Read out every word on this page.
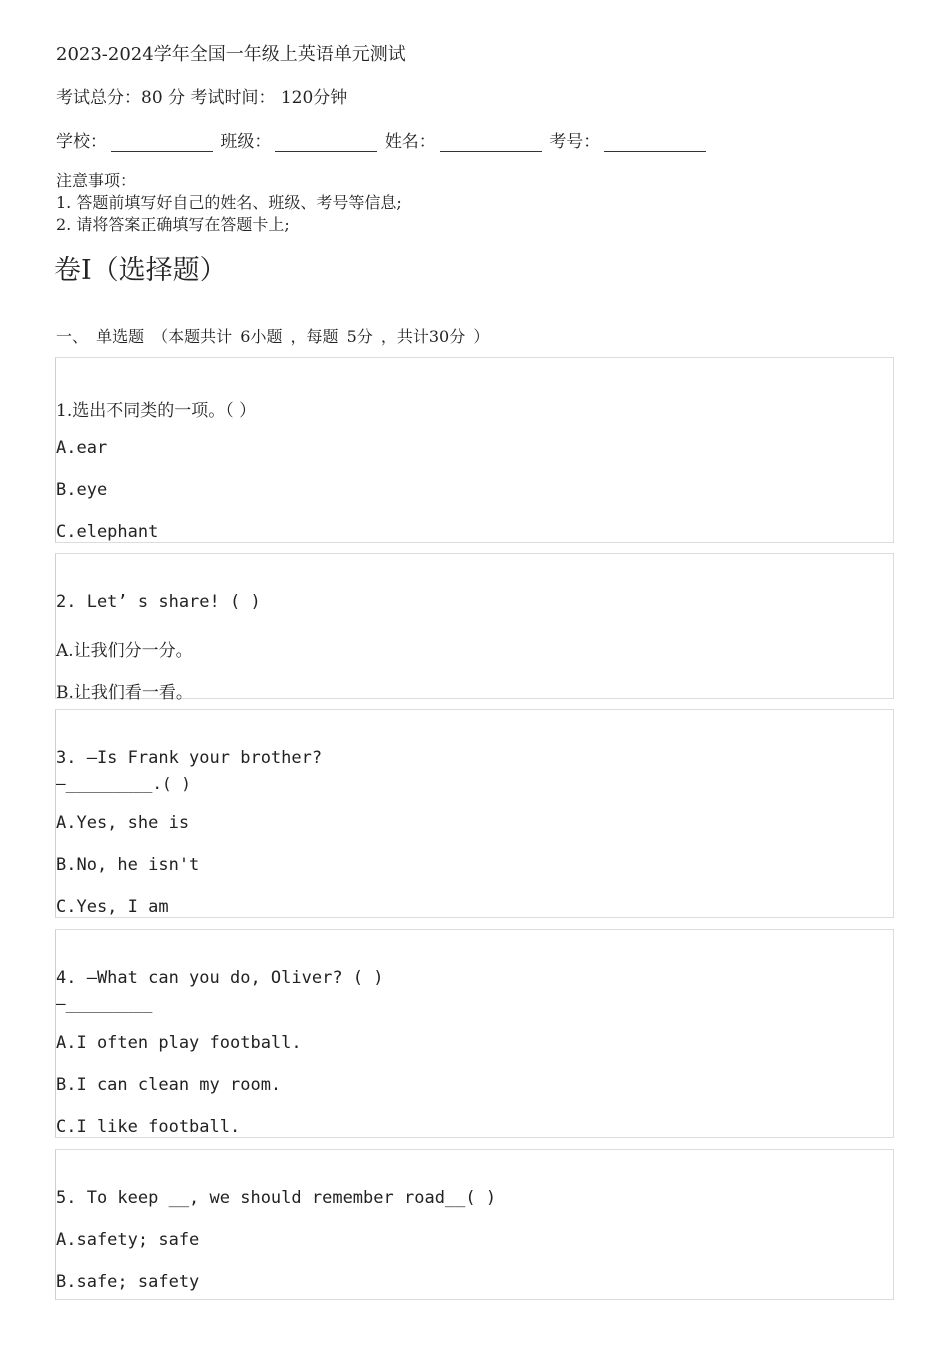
2023-2024学年全国一年级上英语单元测试
考试总分：80 分 考试时间： 120分钟
学校：	班级：	姓名：	考号：
注意事项：
1. 答题前填写好自己的姓名、班级、考号等信息;
2. 请将答案正确填写在答题卡上;
卷Ⅰ（选择题）
一、 单选题 （本题共计 6小题 ，每题 5分 ，共计30分 ）
1.选出不同类的一项。（ ）
A.ear
B.eye
C.elephant
2. Let’ s share! ( )
A.让我们分一分。
B.让我们看一看。
3. —Is Frank your brother?
—_________.( )
A.Yes, she is
B.No, he isn't
C.Yes, I am
4. —What can you do, Oliver? ( )
—_________
A.I often play football.
B.I can clean my room.
C.I like football.
5. To keep __, we should remember road__( )
A.safety; safe
B.safe; safety
